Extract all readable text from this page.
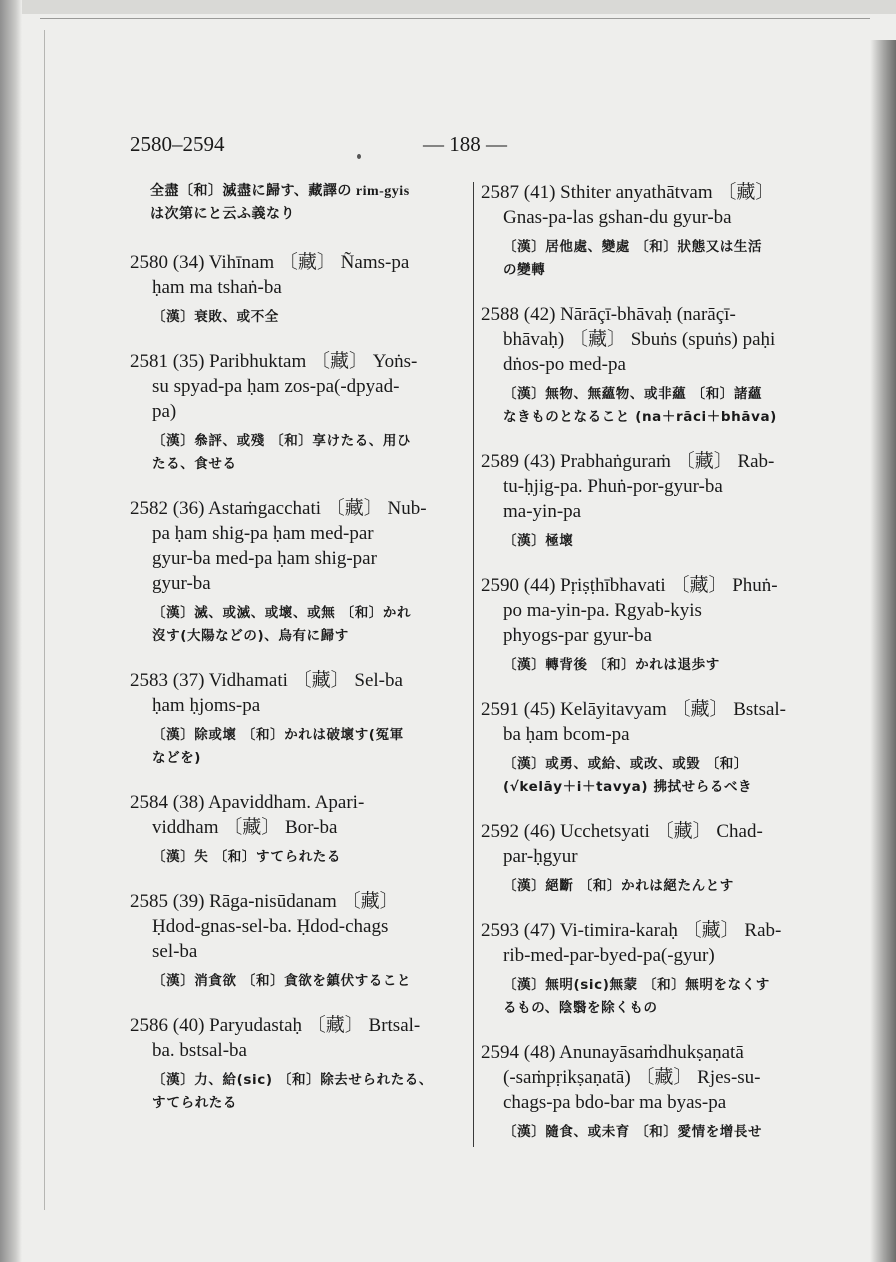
2580–2594	— 188 —
全盡〔和〕滅盡に歸す、藏譯の rim-gyis
は次第にと云ふ義なり
2580 (34) Vihīnam 〔藏〕 Ñams-pa
ḥam ma tshaṅ-ba
〔漢〕衰敗、或不全
2581 (35) Paribhuktam 〔藏〕 Yoṅs-
su spyad-pa ḥam zos-pa(-dpyad-
pa)
〔漢〕叅評、或殘 〔和〕享けたる、用ひ
たる、食せる
2582 (36) Astaṁgacchati 〔藏〕 Nub-
pa ḥam shig-pa ḥam med-par
gyur-ba med-pa ḥam shig-par
gyur-ba
〔漢〕滅、或滅、或壞、或無 〔和〕かれ
沒す(大陽などの)、烏有に歸す
2583 (37) Vidhamati 〔藏〕 Sel-ba
ḥam ḥjoms-pa
〔漢〕除或壞 〔和〕かれは破壞す(冤軍
などを)
2584 (38) Apaviddham. Apari-
viddham 〔藏〕 Bor-ba
〔漢〕失 〔和〕すてられたる
2585 (39) Rāga-nisūdanam 〔藏〕
Ḥdod-gnas-sel-ba. Ḥdod-chags
sel-ba
〔漢〕消貪欲 〔和〕貪欲を鎮伏すること
2586 (40) Paryudastaḥ 〔藏〕 Brtsal-
ba. bstsal-ba
〔漢〕力、給(sic) 〔和〕除去せられたる、
すてられたる
2587 (41) Sthiter anyathātvam 〔藏〕
Gnas-pa-las gshan-du gyur-ba
〔漢〕居他處、變處 〔和〕狀態又は生活
の變轉
2588 (42) Nārāçī-bhāvaḥ (narāçī-
bhāvaḥ) 〔藏〕 Sbuṅs (spuṅs) paḥi
dṅos-po med-pa
〔漢〕無物、無蘊物、或非蘊 〔和〕諸蘊
なきものとなること (na＋rāci＋bhāva)
2589 (43) Prabhaṅguraṁ 〔藏〕 Rab-
tu-ḥjig-pa. Phuṅ-por-gyur-ba
ma-yin-pa
〔漢〕極壞
2590 (44) Pṛiṣṭhībhavati 〔藏〕 Phuṅ-
po ma-yin-pa. Rgyab-kyis
phyogs-par gyur-ba
〔漢〕轉背後 〔和〕かれは退歩す
2591 (45) Kelāyitavyam 〔藏〕 Bstsal-
ba ḥam bcom-pa
〔漢〕或勇、或給、或改、或毀 〔和〕
(√kelāy＋i＋tavya) 拂拭せらるべき
2592 (46) Ucchetsyati 〔藏〕 Chad-
par-ḥgyur
〔漢〕絕斷 〔和〕かれは絕たんとす
2593 (47) Vi-timira-karaḥ 〔藏〕 Rab-
rib-med-par-byed-pa(-gyur)
〔漢〕無明(sic)無蒙 〔和〕無明をなくす
るもの、陰翳を除くもの
2594 (48) Anunayāsaṁdhukṣaṇatā
(-saṁpṛikṣaṇatā) 〔藏〕 Rjes-su-
chags-pa bdo-bar ma byas-pa
〔漢〕隨食、或未育 〔和〕愛情を增長せ
